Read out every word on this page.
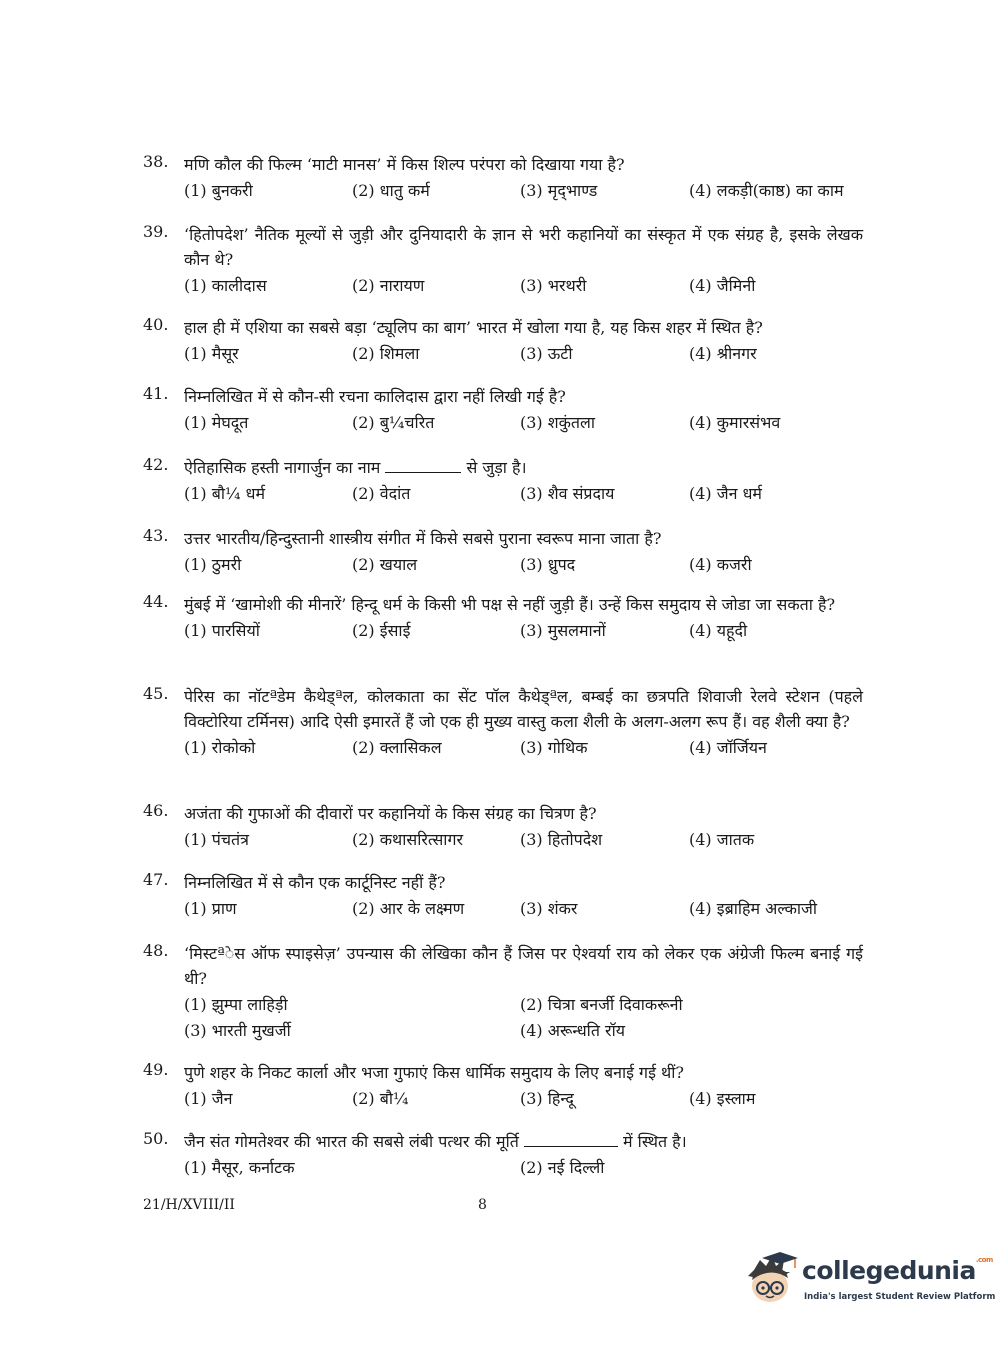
38. मणि कौल की फिल्म ‘माटी मानस’ में किस शिल्प परंपरा को दिखाया गया है?
(1) बुनकरी	(2) धातु कर्म	(3) मृद्‌भाण्ड	(4) लकड़ी(काष्ठ) का काम
39. ‘हितोपदेश’ नैतिक मूल्यों से जुड़ी और दुनियादारी के ज्ञान से भरी कहानियों का संस्कृत में एक संग्रह है, इसके लेखक कौन थे?
(1) कालीदास	(2) नारायण	(3) भरथरी	(4) जैमिनी
40. हाल ही में एशिया का सबसे बड़ा ‘ट्यूलिप का बाग’ भारत में खोला गया है, यह किस शहर में स्थित है?
(1) मैसूर	(2) शिमला	(3) ऊटी	(4) श्रीनगर
41. निम्नलिखित में से कौन-सी रचना कालिदास द्वारा नहीं लिखी गई है?
(1) मेघदूत	(2) बु¼चरित	(3) शकुंतला	(4) कुमारसंभव
42. ऐतिहासिक हस्ती नागार्जुन का नाम	से जुड़ा है।
(1) बौ¼ धर्म	(2) वेदांत	(3) शैव संप्रदाय	(4) जैन धर्म
43. उत्तर भारतीय/हिन्दुस्तानी शास्त्रीय संगीत में किसे सबसे पुराना स्वरूप माना जाता है?
(1) ठुमरी	(2) खयाल	(3) ध्रुपद	(4) कजरी
44. मुंबई में ‘खामोशी की मीनारें’ हिन्दू धर्म के किसी भी पक्ष से नहीं जुड़ी हैं। उन्हें किस समुदाय से जोडा जा सकता है?
(1) पारसियों	(2) ईसाई	(3) मुसलमानों	(4) यहूदी
45. पेरिस का नॉटªडेम कैथेड्ªल, कोलकाता का सेंट पॉल कैथेड्ªल, बम्बई का छत्रपति शिवाजी रेलवे स्टेशन (पहले विक्टोरिया टर्मिनस) आदि ऐसी इमारतें हैं जो एक ही मुख्य वास्तु कला शैली के अलग-अलग रूप हैं। वह शैली क्या है?
(1) रोकोको	(2) क्लासिकल	(3) गोथिक	(4) जॉर्जियन
46. अजंता की गुफाओं की दीवारों पर कहानियों के किस संग्रह का चित्रण है?
(1) पंचतंत्र	(2) कथासरित्सागर	(3) हितोपदेश	(4) जातक
47. निम्नलिखित में से कौन एक कार्टूनिस्ट नहीं हैं?
(1) प्राण	(2) आर के लक्ष्मण	(3) शंकर	(4) इब्राहिम अल्काजी
48. ‘मिस्टªेस ऑफ स्पाइसेज़’ उपन्यास की लेखिका कौन हैं जिस पर ऐश्वर्या राय को लेकर एक अंग्रेजी फिल्म बनाई गई थी?
(1) झुम्पा लाहिड़ी	(2) चित्रा बनर्जी दिवाकरूनी
(3) भारती मुखर्जी	(4) अरून्धति रॉय
49. पुणे शहर के निकट कार्ला और भजा गुफाएं किस धार्मिक समुदाय के लिए बनाई गई थीं?
(1) जैन	(2) बौ¼	(3) हिन्दू	(4) इस्लाम
50. जैन संत गोमतेश्वर की भारत की सबसे लंबी पत्थर की मूर्ति	में स्थित है।
(1) मैसूर, कर्नाटक	(2) नई दिल्ली
21/H/XVIII/II	8
collegedunia$^{.com}$
India's largest Student Review Platform
